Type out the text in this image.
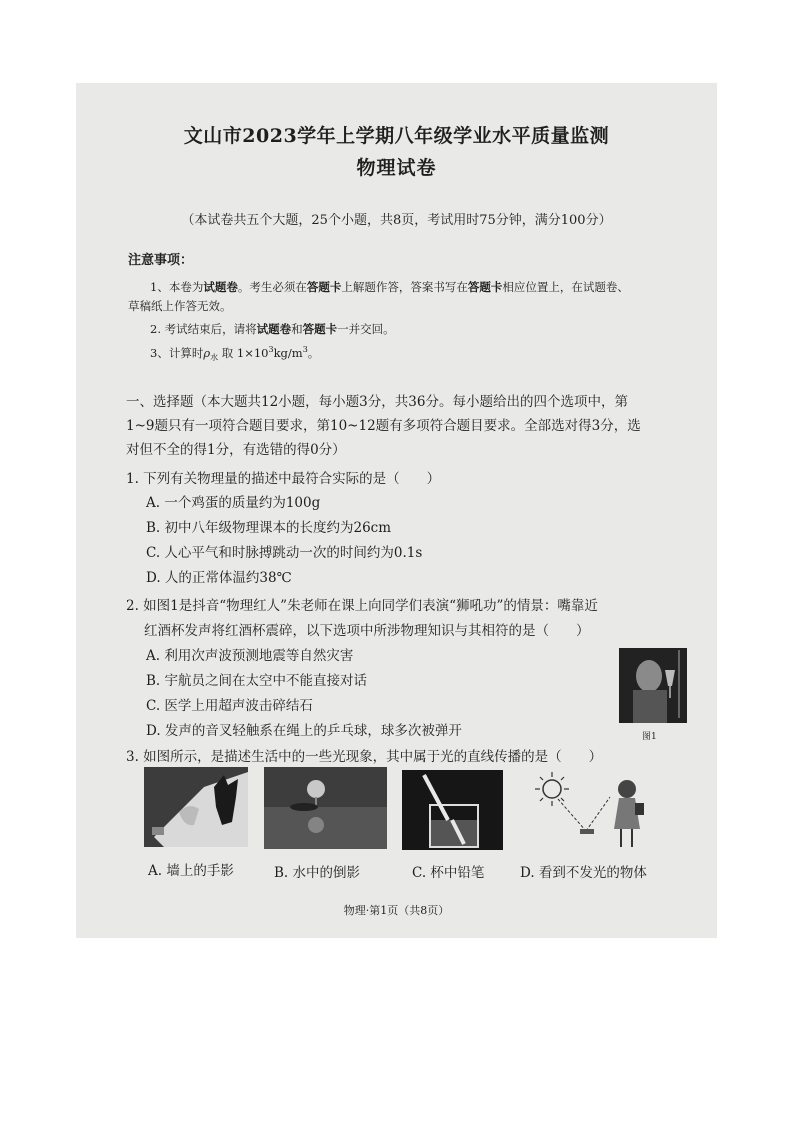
文山市2023学年上学期八年级学业水平质量监测
物理试卷
（本试卷共五个大题，25个小题，共8页，考试用时75分钟，满分100分）
注意事项：
1、本卷为试题卷。考生必须在答题卡上解题作答，答案书写在答题卡相应位置上，在试题卷、
草稿纸上作答无效。
2. 考试结束后，请将试题卷和答题卡一并交回。
3、计算时$\rho_水$ 取 $1\times 10^3kg/m^3$。
一、选择题（本大题共12小题，每小题3分，共36分。每小题给出的四个选项中，第
1~9题只有一项符合题目要求，第10~12题有多项符合题目要求。全部选对得3分，选
对但不全的得1分，有选错的得0分）
1. 下列有关物理量的描述中最符合实际的是（　　）
A. 一个鸡蛋的质量约为100g
B. 初中八年级物理课本的长度约为26cm
C. 人心平气和时脉搏跳动一次的时间约为0.1s
D. 人的正常体温约38℃
2. 如图1是抖音“物理红人”朱老师在课上向同学们表演“狮吼功”的情景：嘴靠近
红酒杯发声将红酒杯震碎，以下选项中所涉物理知识与其相符的是（　　）
A. 利用次声波预测地震等自然灾害
B. 宇航员之间在太空中不能直接对话
C. 医学上用超声波击碎结石
D. 发声的音叉轻触系在绳上的乒乓球，球多次被弹开	图1
3. 如图所示，是描述生活中的一些光现象，其中属于光的直线传播的是（　　）
A. 墙上的手影	B. 水中的倒影	C. 杯中铅笔	D. 看到不发光的物体
物理·第1页（共8页）
